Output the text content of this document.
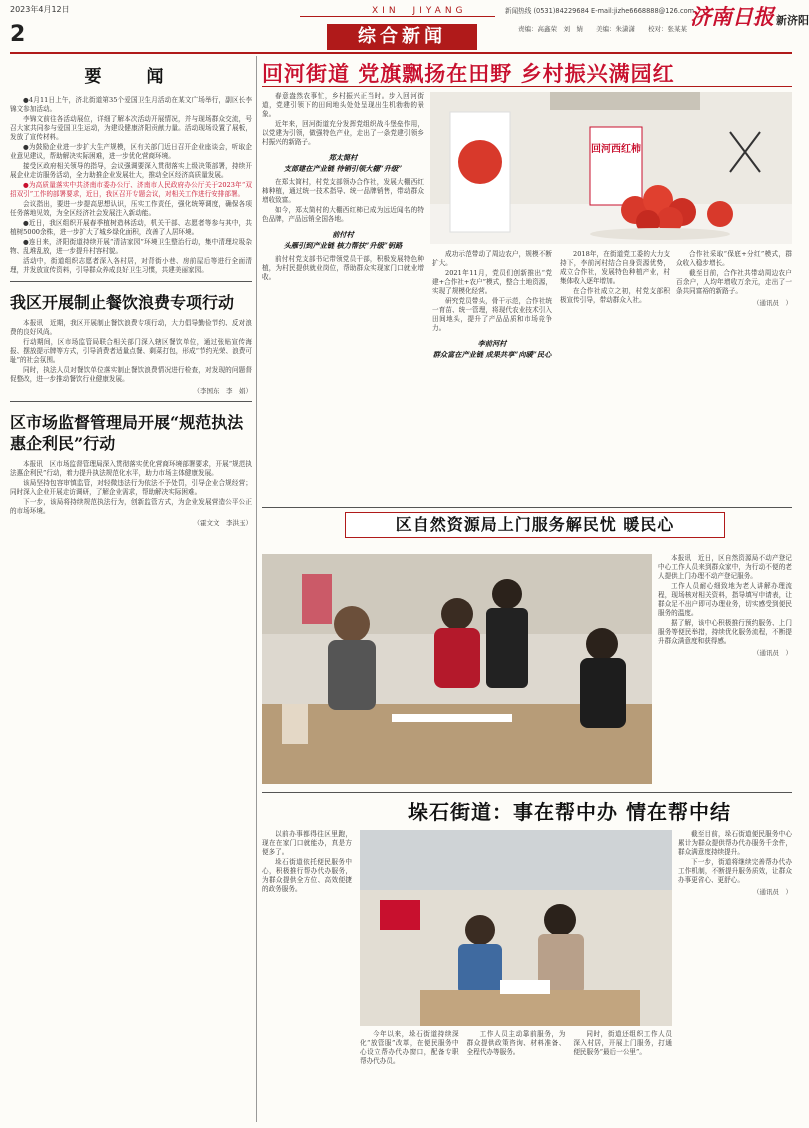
2023年4月12日	XIN　JIYANG	新闻热线 (0531)84229684 E-mail:jizhe6668888@126.com
济南日报 新济阳
2	综合新闻	责编：高鑫荣　刘　婧　　美编：朱潇潇　　校对：张某某
要　闻

●4月11日上午，济北街道第35个爱国卫生月活动在某文广场举行，副区长李锦文参加活动。

李锦文前往各活动展位，详细了解本次活动开展情况，并与现场群众交流，号召大家共同参与爱国卫生运动，为建设健康济阳贡献力量。活动现场设置了展板，发放了宣传材料。

●为鼓励企业进一步扩大生产规模，区有关部门近日召开企业座谈会，听取企业意见建议，帮助解决实际困难，进一步优化营商环境。

接受区政府相关领导的指导，会议强调要深入贯彻落实上级决策部署，持续开展企业走访服务活动，全力助推企业发展壮大，推动全区经济高质量发展。

●为高质量落实中共济南市委办公厅、济南市人民政府办公厅关于2023年“双招双引”工作的部署要求，近日，我区召开专题会议，对相关工作进行安排部署。

会议指出，要进一步提高思想认识，压实工作责任，强化统筹调度，确保各项任务落地见效，为全区经济社会发展注入新动能。

●近日，我区组织开展春季植树造林活动，机关干部、志愿者等参与其中，共植树5000余株，进一步扩大了城乡绿化面积，改善了人居环境。

●连日来，济阳街道持续开展“清洁家园”环境卫生整治行动，集中清理垃圾杂物、乱堆乱放，进一步提升村容村貌。

活动中，街道组织志愿者深入各村居，对背街小巷、房前屋后等进行全面清理，并发放宣传资料，引导群众养成良好卫生习惯，共建美丽家园。

我区开展制止餐饮浪费专项行动

本报讯　近期，我区开展制止餐饮浪费专项行动，大力倡导勤俭节约、反对浪费的良好风尚。

行动期间，区市场监管局联合相关部门深入辖区餐饮单位，通过张贴宣传海报、摆放提示牌等方式，引导消费者适量点餐、剩菜打包，形成“节约光荣、浪费可耻”的社会氛围。

同时，执法人员对餐饮单位落实制止餐饮浪费情况进行检查，对发现的问题督促整改，进一步推动餐饮行业健康发展。

（李国东　李　娟）
区市场监督管理局开展“规范执法惠企利民”行动

本报讯　区市场监督管理局深入贯彻落实优化营商环境部署要求，开展“规范执法惠企利民”行动，着力提升执法规范化水平，助力市场主体健康发展。

该局坚持包容审慎监管，对轻微违法行为依法不予处罚，引导企业合规经营；同时深入企业开展走访调研，了解企业需求，帮助解决实际困难。

下一步，该局将持续规范执法行为，创新监管方式，为企业发展营造公平公正的市场环境。

（霍文文　李洪玉）
回河街道 党旗飘扬在田野 乡村振兴满园红

春意盎然农事忙，乡村振兴正当时。步入回河街道，党建引领下的田间地头处处呈现出生机勃勃的景象。

近年来，回河街道充分发挥党组织战斗堡垒作用，以党建为引领，做强特色产业，走出了一条党建引领乡村振兴的新路子。

郑太简村
支部建在产业链 待销引领大棚“升级”

在郑太简村，村党支部领办合作社，发展大棚西红柿种植，通过统一技术指导、统一品牌销售，带动群众增收致富。

如今，郑太简村的大棚西红柿已成为远近闻名的特色品牌，产品远销全国各地。

前付村
头雁引到产业链 核力帮扶“升级”钥路

前付村党支部书记带领党员干部，积极发展特色种植，为村民提供就业岗位，帮助群众实现家门口就业增收。

回河西红柿

成功示范带动了周边农户，规模不断扩大。

2021年11月，党员们创新推出“党建+合作社+农户”模式，整合土地资源，实现了规模化经营。

研究党员带头，骨干示范，合作社统一育苗、统一管理，将现代农业技术引入田间地头，提升了产品品质和市场竞争力。

李前河村
群众富在产业链 成果共享“向暖”民心

2018年，在街道党工委的大力支持下，李前河村结合自身资源优势，成立合作社，发展特色种植产业，村集体收入逐年增加。

在合作社成立之初，村党支部积极宣传引导，带动群众入社。

合作社采取“保底+分红”模式，群众收入稳步增长。

截至目前，合作社共带动周边农户百余户，人均年增收万余元，走出了一条共同富裕的新路子。

（通讯员　）
区自然资源局上门服务解民忧 暖民心

本报讯　近日，区自然资源局不动产登记中心工作人员来到群众家中，为行动不便的老人提供上门办理不动产登记服务。

工作人员耐心细致地为老人讲解办理流程，现场核对相关资料，指导填写申请表，让群众足不出户即可办理业务，切实感受到便民服务的温度。

据了解，该中心积极推行预约服务、上门服务等便民举措，持续优化服务流程，不断提升群众满意度和获得感。

（通讯员　）
垛石街道：事在帮中办 情在帮中结

以前办事都得往区里跑，现在在家门口就能办，真是方便多了。

垛石街道依托便民服务中心，积极推行帮办代办服务，为群众提供全方位、高效便捷的政务服务。

今年以来，垛石街道持续深化“放管服”改革，在便民服务中心设立帮办代办窗口，配备专职帮办代办员。

工作人员主动靠前服务，为群众提供政策咨询、材料准备、全程代办等服务。

同时，街道还组织工作人员深入村居，开展上门服务，打通便民服务“最后一公里”。

截至目前，垛石街道便民服务中心累计为群众提供帮办代办服务千余件，群众满意度持续提升。

下一步，街道将继续完善帮办代办工作机制，不断提升服务质效，让群众办事更省心、更舒心。

（通讯员　）
